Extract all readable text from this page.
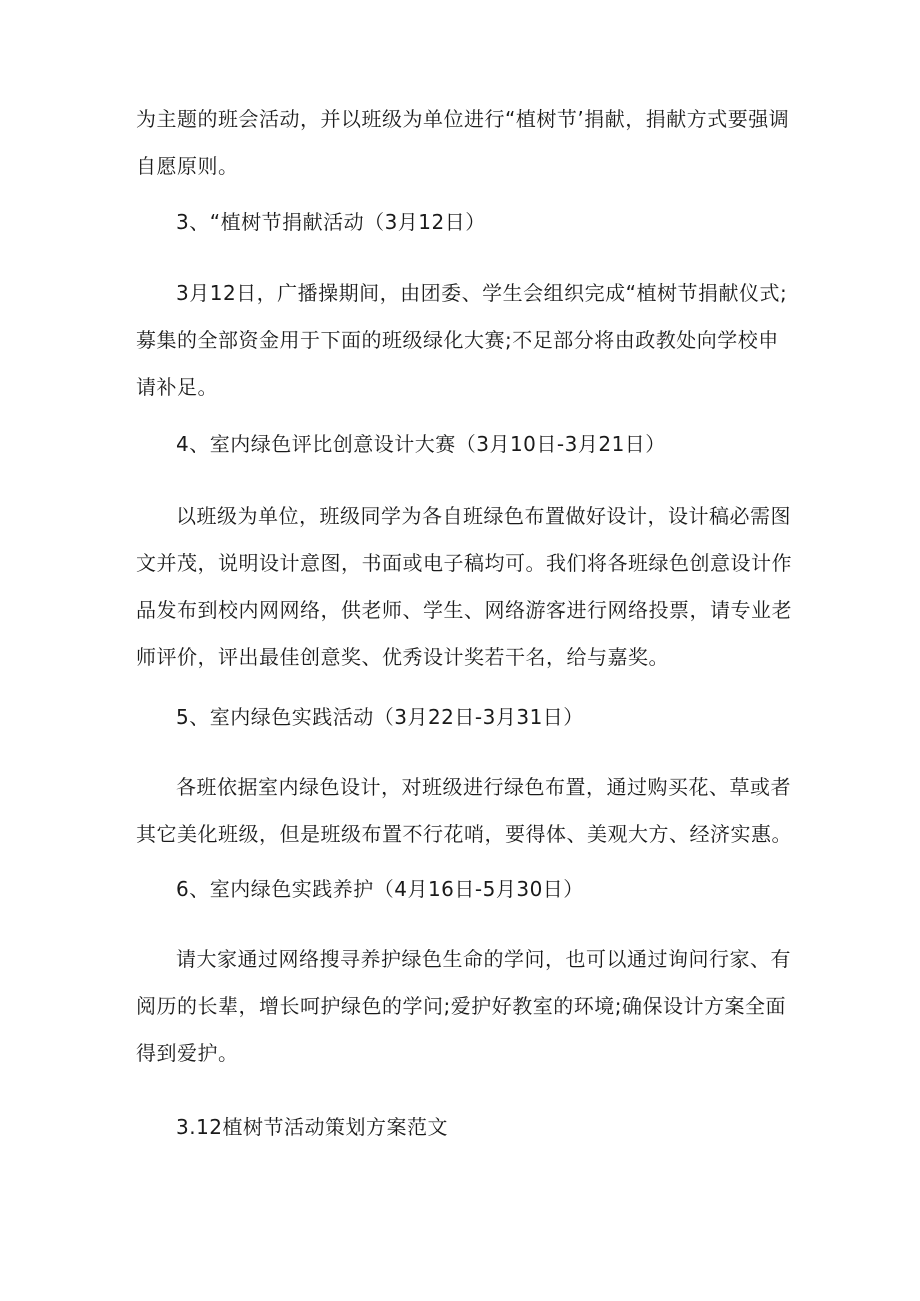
为主题的班会活动，并以班级为单位进行“植树节’捐献，捐献方式要强调自愿原则。

3、“植树节捐献活动（3月12日）

3月12日，广播操期间，由团委、学生会组织完成“植树节捐献仪式;募集的全部资金用于下面的班级绿化大赛;不足部分将由政教处向学校申请补足。

4、室内绿色评比创意设计大赛（3月10日-3月21日）

以班级为单位，班级同学为各自班绿色布置做好设计，设计稿必需图文并茂，说明设计意图，书面或电子稿均可。我们将各班绿色创意设计作品发布到校内网网络，供老师、学生、网络游客进行网络投票，请专业老师评价，评出最佳创意奖、优秀设计奖若干名，给与嘉奖。

5、室内绿色实践活动（3月22日-3月31日）

各班依据室内绿色设计，对班级进行绿色布置，通过购买花、草或者其它美化班级，但是班级布置不行花哨，要得体、美观大方、经济实惠。

6、室内绿色实践养护（4月16日-5月30日）

请大家通过网络搜寻养护绿色生命的学问，也可以通过询问行家、有阅历的长辈，增长呵护绿色的学问;爱护好教室的环境;确保设计方案全面得到爱护。

3.12植树节活动策划方案范文
